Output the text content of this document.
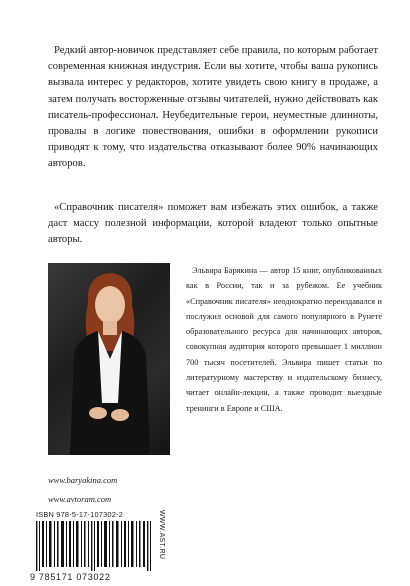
Редкий автор-новичок представляет себе правила, по которым работает современная книжная индустрия. Если вы хотите, чтобы ваша рукопись вызвала интерес у редакторов, хотите увидеть свою книгу в продаже, а затем получать восторженные отзывы читателей, нужно действовать как писатель-профессионал. Неубедительные герои, неуместные длинноты, провалы в логике повествования, ошибки в оформлении рукописи приводят к тому, что издательства отказывают более 90% начинающих авторов.

«Справочник писателя» поможет вам избежать этих ошибок, а также даст массу полезной информации, которой владеют только опытные авторы.

Эльвира Барякина — автор 15 книг, опубликованных как в России, так и за рубежом. Ее учебник «Справочник писателя» неоднократно переиздавался и послужил основой для самого популярного в Рунете образовательного ресурса для начинающих авторов, совокупная аудитория которого превышает 1 миллион 700 тысяч посетителей. Эльвира пишет статьи по литературному мастерству и издательскому бизнесу, читает онлайн-лекции, а также проводит выездные тренинги в Европе и США.

www.baryakina.com
www.avtoram.com
ISBN 978-5-17-107302-2
9 785171 073022
WWW.AST.RU
